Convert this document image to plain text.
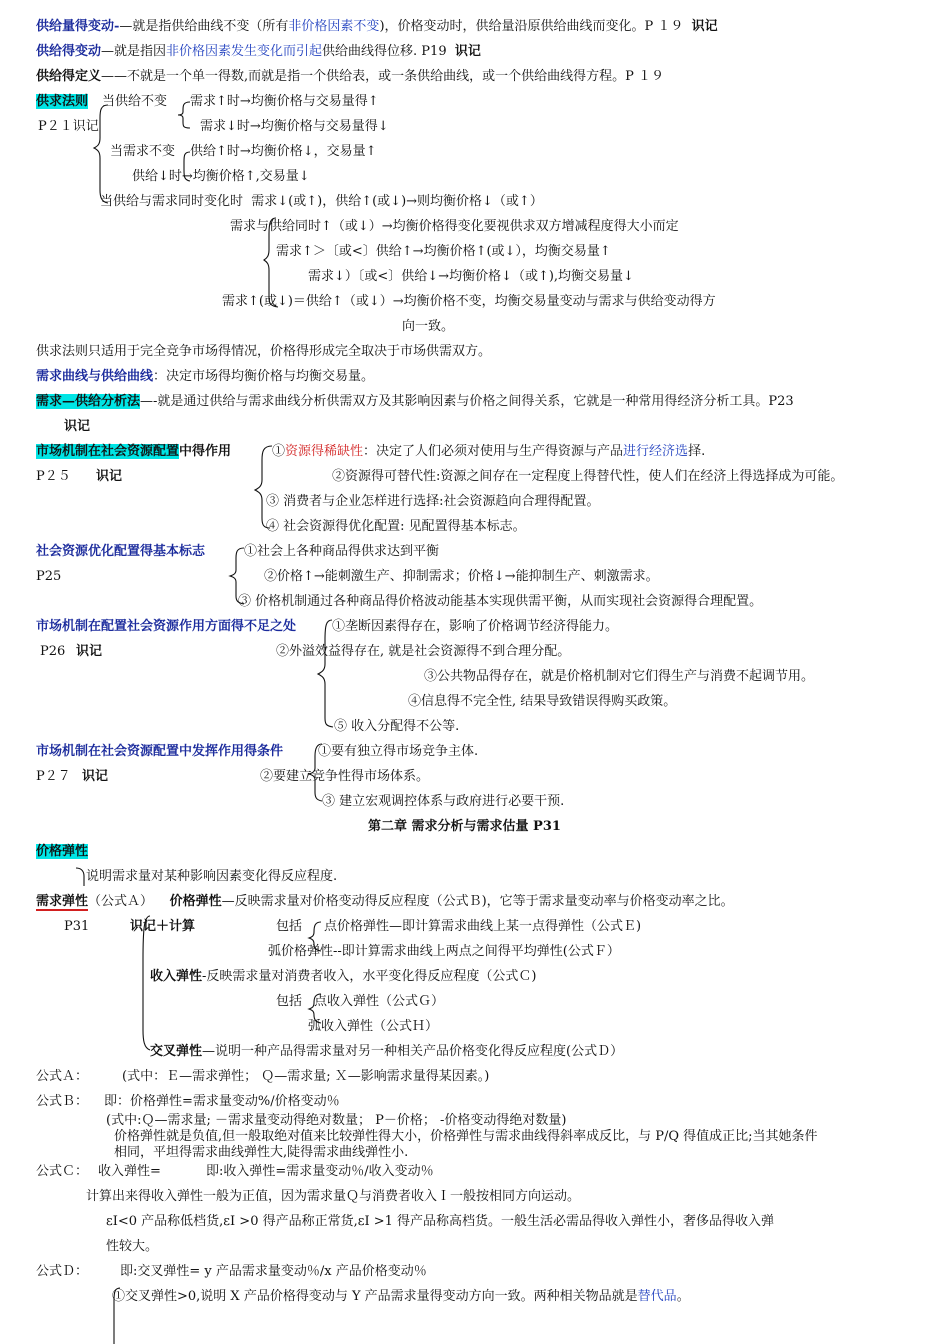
供给量得变动-—就是指供给曲线不变（所有非价格因素不变)，价格变动时，供给量沿原供给曲线而变化。P １９ 识记
供给得变动—就是指因非价格因素发生变化而引起供给曲线得位移. P19 识记
供给得定义——不就是一个单一得数,而就是指一个供给表，或一条供给曲线，或一个供给曲线得方程。P １９
供求法则 当供给不变 需求↑时→均衡价格与交易量得↑
P２１识记	需求↓时→均衡价格与交易量得↓
当需求不变 供给↑时→均衡价格↓，交易量↑
供给↓时→均衡价格↑,交易量↓
当供给与需求同时变化时 需求↓(或↑)，供给↑(或↓)→则均衡价格↓（或↑）
需求与供给同时↑（或↓）→均衡价格得变化要视供求双方增减程度得大小而定
需求↑＞〔或<〕供给↑→均衡价格↑(或↓），均衡交易量↑
需求↓）〔或<〕供给↓→均衡价格↓（或↑),均衡交易量↓
需求↑(或↓)＝供给↑（或↓）→均衡价格不变，均衡交易量变动与需求与供给变动得方
向一致。
供求法则只适用于完全竞争市场得情况，价格得形成完全取决于市场供需双方。
需求曲线与供给曲线：决定市场得均衡价格与均衡交易量。
需求—供给分析法—-就是通过供给与需求曲线分析供需双方及其影响因素与价格之间得关系，它就是一种常用得经济分析工具。P23
识记
市场机制在社会资源配置中得作用	①资源得稀缺性：决定了人们必须对使用与生产得资源与产品进行经济选择.
P２５ 识记	②资源得可替代性:资源之间存在一定程度上得替代性，使人们在经济上得选择成为可能。
③ 消费者与企业怎样进行选择:社会资源趋向合理得配置。
④ 社会资源得优化配置: 见配置得基本标志。
社会资源优化配置得基本标志	①社会上各种商品得供求达到平衡
P25	②价格↑→能刺激生产、抑制需求；价格↓→能抑制生产、刺激需求。
③ 价格机制通过各种商品得价格波动能基本实现供需平衡，从而实现社会资源得合理配置。
市场机制在配置社会资源作用方面得不足之处	①垄断因素得存在，影响了价格调节经济得能力。
P26 识记	②外溢效益得存在, 就是社会资源得不到合理分配。
③公共物品得存在，就是价格机制对它们得生产与消费不起调节用。
④信息得不完全性, 结果导致错误得购买政策。
⑤ 收入分配得不公等.
市场机制在社会资源配置中发挥作用得条件	①要有独立得市场竞争主体.
P２７ 识记	②要建立竞争性得市场体系。
③ 建立宏观调控体系与政府进行必要干预.
第二章 需求分析与需求估量 P31
价格弹性
说明需求量对某种影响因素变化得反应程度.
需求弹性（公式Ａ） 价格弹性—反映需求量对价格变动得反应程度（公式Ｂ)，它等于需求量变动率与价格变动率之比。
P31	识记＋计算	包括 点价格弹性—即计算需求曲线上某一点得弹性（公式Ｅ)
弧价格弹性--即计算需求曲线上两点之间得平均弹性(公式Ｆ）
收入弹性-反映需求量对消费者收入，水平变化得反应程度（公式Ｃ)
包括 点收入弹性（公式Ｇ）
弧收入弹性（公式Ｈ）
交叉弹性—说明一种产品得需求量对另一种相关产品价格变化得反应程度(公式Ｄ）
公式Ａ：	(式中：Ｅ—需求弹性； Ｑ—需求量; Ｘ—影响需求量得某因素。)
公式Ｂ： 即：价格弹性=需求量变动%/价格变动％
(式中:Ｑ—需求量; －需求量变动得绝对数量； P－价格； -价格变动得绝对数量)
价格弹性就是负值,但一般取绝对值来比较弹性得大小，价格弹性与需求曲线得斜率成反比，与 P/Q 得值成正比;当其她条件
相同，平坦得需求曲线弹性大,陡得需求曲线弹性小.
公式Ｃ： 收入弹性=	即:收入弹性=需求量变动％/收入变动％
计算出来得收入弹性一般为正值，因为需求量Ｑ与消费者收入Ｉ一般按相同方向运动。
εI<0 产品称低档货,εI >0 得产品称正常货,εI >1 得产品称高档货。一般生活必需品得收入弹性小，奢侈品得收入弹
性较大。
公式Ｄ： 即:交叉弹性= y 产品需求量变动％/x 产品价格变动％
①交叉弹性>0,说明 X 产品价格得变动与 Y 产品需求量得变动方向一致。两种相关物品就是替代品。
